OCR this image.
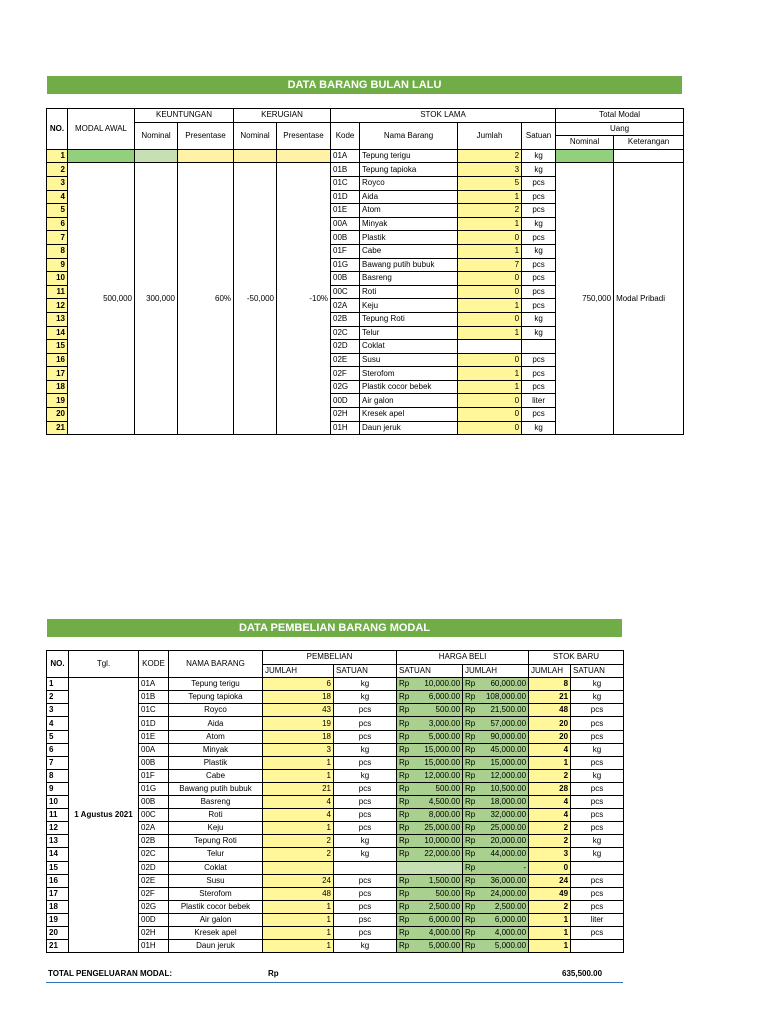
DATA BARANG BULAN LALU
NO.	MODAL AWAL	KEUNTUNGAN		KERUGIAN		STOK LAMA				Total Modal	
		Nominal	Presentase	Nominal	Presentase	Kode	Nama Barang	Jumlah	Satuan	Uang	
										Nominal	Keterangan
1						01A	Tepung terigu	2	kg		
2	500,000	300,000	60%	-50,000	-10%	01B	Tepung tapioka	3	kg	750,000	Modal Pribadi
3						01C	Royco	5	pcs		
4						01D	Aida	1	pcs		
5						01E	Atom	2	pcs		
6						00A	Minyak	1	kg		
7						00B	Plastik	0	pcs		
8						01F	Cabe	1	kg		
9						01G	Bawang putih bubuk	7	pcs		
10						00B	Basreng	0	pcs		
11						00C	Roti	0	pcs		
12						02A	Keju	1	pcs		
13						02B	Tepung Roti	0	kg		
14						02C	Telur	1	kg		
15						02D	Coklat				
16						02E	Susu	0	pcs		
17						02F	Sterofom	1	pcs		
18						02G	Plastik cocor bebek	1	pcs		
19						00D	Air galon	0	liter		
20						02H	Kresek apel	0	pcs		
21						01H	Daun jeruk	0	kg		
DATA PEMBELIAN BARANG MODAL
NO.	Tgl.	KODE	NAMA BARANG	PEMBELIAN		HARGA BELI		STOK BARU	
				JUMLAH	SATUAN	SATUAN	JUMLAH	JUMLAH	SATUAN
1	1 Agustus 2021	01A	Tepung terigu	6	kg	Rp 10,000.00	Rp 60,000.00	8	kg
2		01B	Tepung tapioka	18	kg	Rp 6,000.00	Rp 108,000.00	21	kg
3		01C	Royco	43	pcs	Rp 500.00	Rp 21,500.00	48	pcs
4		01D	Aida	19	pcs	Rp 3,000.00	Rp 57,000.00	20	pcs
5		01E	Atom	18	pcs	Rp 5,000.00	Rp 90,000.00	20	pcs
6		00A	Minyak	3	kg	Rp 15,000.00	Rp 45,000.00	4	kg
7		00B	Plastik	1	pcs	Rp 15,000.00	Rp 15,000.00	1	pcs
8		01F	Cabe	1	kg	Rp 12,000.00	Rp 12,000.00	2	kg
9		01G	Bawang putih bubuk	21	pcs	Rp 500.00	Rp 10,500.00	28	pcs
10		00B	Basreng	4	pcs	Rp 4,500.00	Rp 18,000.00	4	pcs
11		00C	Roti	4	pcs	Rp 8,000.00	Rp 32,000.00	4	pcs
12		02A	Keju	1	pcs	Rp 25,000.00	Rp 25,000.00	2	pcs
13		02B	Tepung Roti	2	kg	Rp 10,000.00	Rp 20,000.00	2	kg
14		02C	Telur	2	kg	Rp 22,000.00	Rp 44,000.00	3	kg
15		02D	Coklat				Rp -	0	
16		02E	Susu	24	pcs	Rp 1,500.00	Rp 36,000.00	24	pcs
17		02F	Sterofom	48	pcs	Rp 500.00	Rp 24,000.00	49	pcs
18		02G	Plastik cocor bebek	1	pcs	Rp 2,500.00	Rp 2,500.00	2	pcs
19		00D	Air galon	1	psc	Rp 6,000.00	Rp 6,000.00	1	liter
20		02H	Kresek apel	1	pcs	Rp 4,000.00	Rp 4,000.00	1	pcs
21		01H	Daun jeruk	1	kg	Rp 5,000.00	Rp 5,000.00	1	
TOTAL PENGELUARAN MODAL:	Rp	635,500.00
